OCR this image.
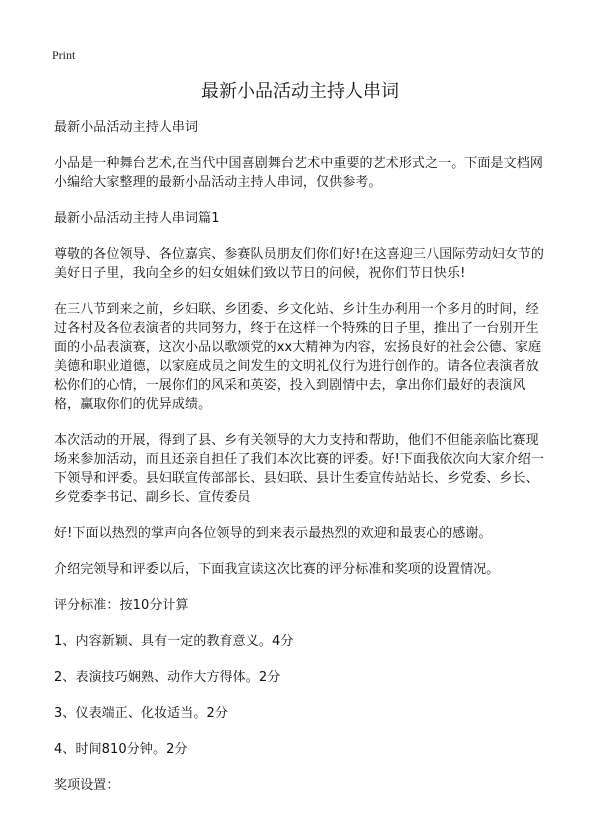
Print
最新小品活动主持人串词

最新小品活动主持人串词

小品是一种舞台艺术,在当代中国喜剧舞台艺术中重要的艺术形式之一。下面是文档网小编给大家整理的最新小品活动主持人串词，仅供参考。

最新小品活动主持人串词篇1

尊敬的各位领导、各位嘉宾、参赛队员朋友们你们好!在这喜迎三八国际劳动妇女节的美好日子里，我向全乡的妇女姐妹们致以节日的问候，祝你们节日快乐!

在三八节到来之前，乡妇联、乡团委、乡文化站、乡计生办利用一个多月的时间，经过各村及各位表演者的共同努力，终于在这样一个特殊的日子里，推出了一台别开生面的小品表演赛，这次小品以歌颂党的xx大精神为内容，宏扬良好的社会公德、家庭美德和职业道德，以家庭成员之间发生的文明礼仪行为进行创作的。请各位表演者放松你们的心情，一展你们的风采和英姿，投入到剧情中去，拿出你们最好的表演风格，赢取你们的优异成绩。

本次活动的开展，得到了县、乡有关领导的大力支持和帮助，他们不但能亲临比赛现场来参加活动，而且还亲自担任了我们本次比赛的评委。好!下面我依次向大家介绍一下领导和评委。县妇联宣传部部长、县妇联、县计生委宣传站站长、乡党委、乡长、乡党委李书记、副乡长、宣传委员

好!下面以热烈的掌声向各位领导的到来表示最热烈的欢迎和最衷心的感谢。

介绍完领导和评委以后，下面我宣读这次比赛的评分标准和奖项的设置情况。

评分标准：按10分计算

1、内容新颖、具有一定的教育意义。4分

2、表演技巧娴熟、动作大方得体。2分

3、仪表端正、化妆适当。2分

4、时间810分钟。2分

奖项设置：
